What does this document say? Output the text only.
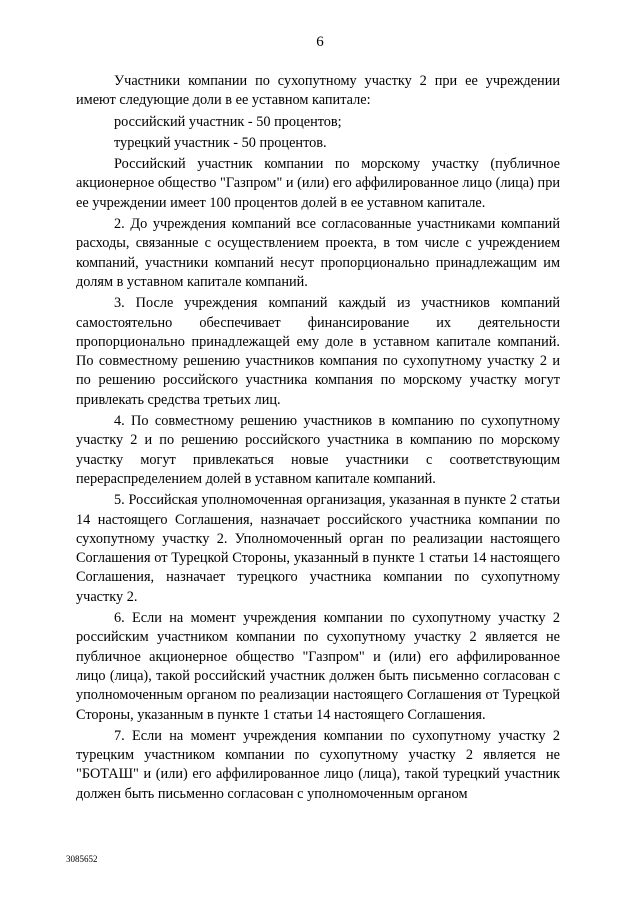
6

Участники компании по сухопутному участку 2 при ее учреждении имеют следующие доли в ее уставном капитале:

российский участник - 50 процентов;

турецкий участник - 50 процентов.

Российский участник компании по морскому участку (публичное акционерное общество "Газпром" и (или) его аффилированное лицо (лица) при ее учреждении имеет 100 процентов долей в ее уставном капитале.

2. До учреждения компаний все согласованные участниками компаний расходы, связанные с осуществлением проекта, в том числе с учреждением компаний, участники компаний несут пропорционально принадлежащим им долям в уставном капитале компаний.

3. После учреждения компаний каждый из участников компаний самостоятельно обеспечивает финансирование их деятельности пропорционально принадлежащей ему доле в уставном капитале компаний. По совместному решению участников компания по сухопутному участку 2 и по решению российского участника компания по морскому участку могут привлекать средства третьих лиц.

4. По совместному решению участников в компанию по сухопутному участку 2 и по решению российского участника в компанию по морскому участку могут привлекаться новые участники с соответствующим перераспределением долей в уставном капитале компаний.

5. Российская уполномоченная организация, указанная в пункте 2 статьи 14 настоящего Соглашения, назначает российского участника компании по сухопутному участку 2. Уполномоченный орган по реализации настоящего Соглашения от Турецкой Стороны, указанный в пункте 1 статьи 14 настоящего Соглашения, назначает турецкого участника компании по сухопутному участку 2.

6. Если на момент учреждения компании по сухопутному участку 2 российским участником компании по сухопутному участку 2 является не публичное акционерное общество "Газпром" и (или) его аффилированное лицо (лица), такой российский участник должен быть письменно согласован с уполномоченным органом по реализации настоящего Соглашения от Турецкой Стороны, указанным в пункте 1 статьи 14 настоящего Соглашения.

7. Если на момент учреждения компании по сухопутному участку 2 турецким участником компании по сухопутному участку 2 является не "БОТАШ" и (или) его аффилированное лицо (лица), такой турецкий участник должен быть письменно согласован с уполномоченным органом

3085652
